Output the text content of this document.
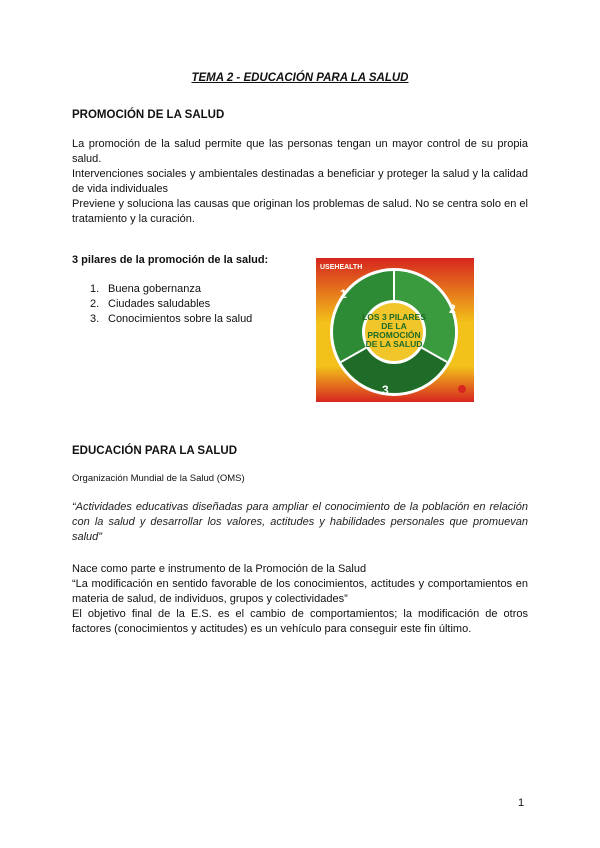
TEMA 2 - EDUCACIÓN PARA LA SALUD
PROMOCIÓN DE LA SALUD
La promoción de la salud permite que las personas tengan un mayor control de su propia salud.
Intervenciones sociales y ambientales destinadas a beneficiar y proteger la salud y la calidad de vida individuales
Previene y soluciona las causas que originan los problemas de salud. No se centra solo en el tratamiento y la curación.
3 pilares de la promoción de la salud:
1. Buena gobernanza
2. Ciudades saludables
3. Conocimientos sobre la salud
USEHEALTH
LOS 3 PILARES
DE LA
PROMOCIÓN
DE LA SALUD
1
2
3
EDUCACIÓN PARA LA SALUD
Organización Mundial de la Salud (OMS)
“Actividades educativas diseñadas para ampliar el conocimiento de la población en relación con la salud y desarrollar los valores, actitudes y habilidades personales que promuevan salud”
Nace como parte e instrumento de la Promoción de la Salud
“La modificación en sentido favorable de los conocimientos, actitudes y comportamientos en materia de salud, de individuos, grupos y colectividades”
El objetivo final de la E.S. es el cambio de comportamientos; la modificación de otros factores (conocimientos y actitudes) es un vehículo para conseguir este fin último.
1
